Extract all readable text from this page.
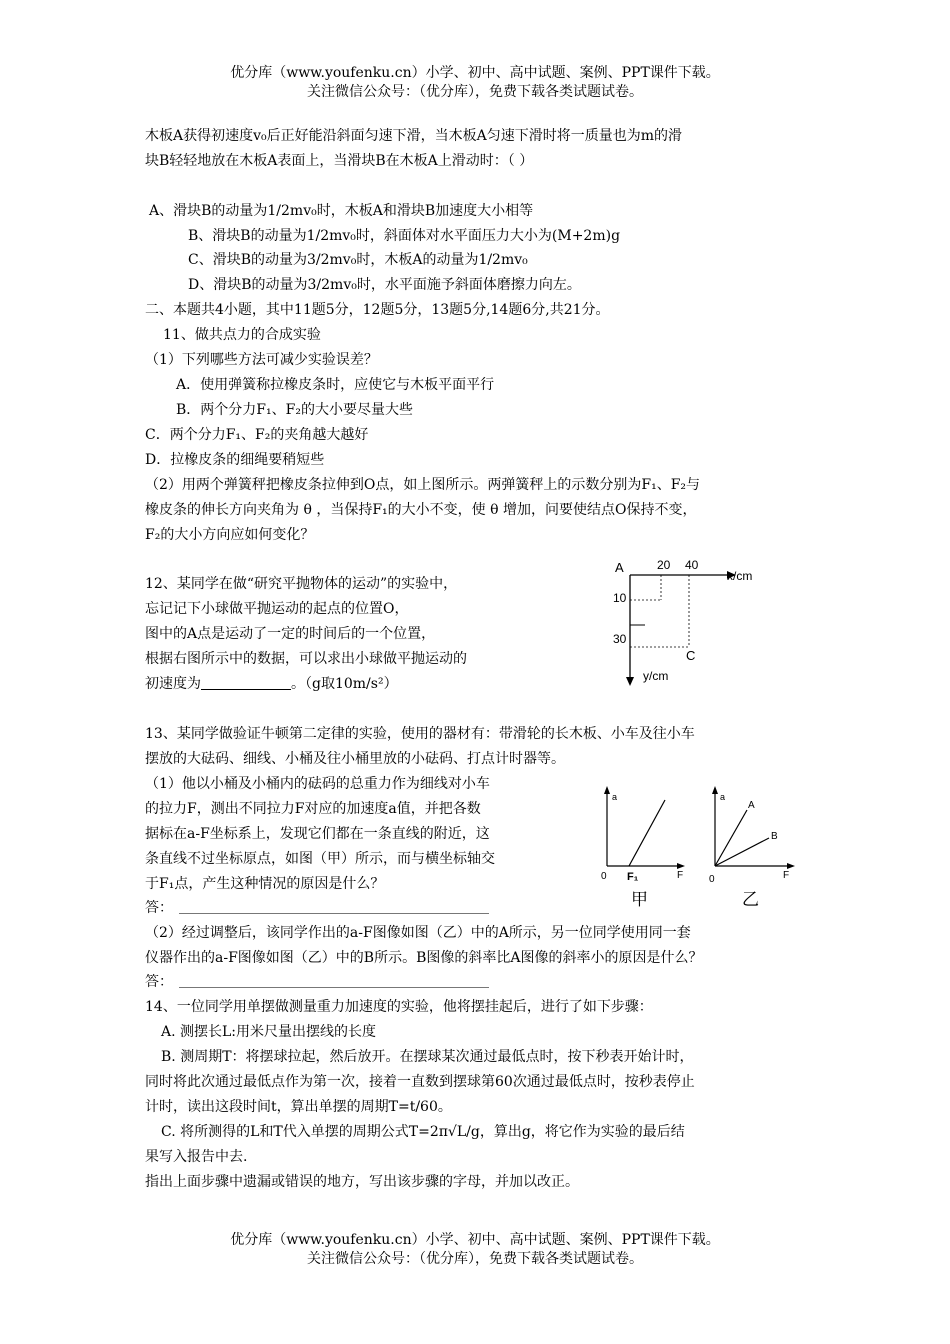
优分库（www.youfenku.cn）小学、初中、高中试题、案例、PPT课件下载。
关注微信公众号：（优分库），免费下载各类试题试卷。
木板A获得初速度v₀后正好能沿斜面匀速下滑，当木板A匀速下滑时将一质量也为m的滑
块B轻轻地放在木板A表面上，当滑块B在木板A上滑动时：（ ）
A、滑块B的动量为1/2mv₀时，木板A和滑块B加速度大小相等
B、滑块B的动量为1/2mv₀时，斜面体对水平面压力大小为(M+2m)g
C、滑块B的动量为3/2mv₀时，木板A的动量为1/2mv₀
D、滑块B的动量为3/2mv₀时，水平面施予斜面体磨擦力向左。
二、本题共4小题，其中11题5分，12题5分，13题5分,14题6分,共21分。
11、做共点力的合成实验
（1）下列哪些方法可减少实验误差？
A．使用弹簧称拉橡皮条时，应使它与木板平面平行
B．两个分力F₁、F₂的大小要尽量大些
C．两个分力F₁、F₂的夹角越大越好
D．拉橡皮条的细绳要稍短些
（2）用两个弹簧秤把橡皮条拉伸到O点，如上图所示。两弹簧秤上的示数分别为F₁、F₂与
橡皮条的伸长方向夹角为 θ ，当保持F₁的大小不变，使 θ 增加，问要使结点O保持不变，
F₂的大小方向应如何变化？
12、某同学在做“研究平抛物体的运动”的实验中，
忘记记下小球做平抛运动的起点的位置O，
图中的A点是运动了一定的时间后的一个位置，
根据右图所示中的数据，可以求出小球做平抛运动的
初速度为	。（g取10m/s²）
A
x/cm
y/cm
20 40
10
30
C
13、某同学做验证牛顿第二定律的实验，使用的器材有：带滑轮的长木板、小车及往小车
摆放的大砝码、细线、小桶及往小桶里放的小砝码、打点计时器等。
（1）他以小桶及小桶内的砝码的总重力作为细线对小车
的拉力F，测出不同拉力F对应的加速度a值，并把各数
据标在a-F坐标系上，发现它们都在一条直线的附近，这
条直线不过坐标原点，如图（甲）所示，而与横坐标轴交
于F₁点，产生这种情况的原因是什么？
答：
a
0 F₁	F
甲
a
A
B
0	F
乙
（2）经过调整后，该同学作出的a-F图像如图（乙）中的A所示，另一位同学使用同一套
仪器作出的a-F图像如图（乙）中的B所示。B图像的斜率比A图像的斜率小的原因是什么？
答：
14、一位同学用单摆做测量重力加速度的实验，他将摆挂起后，进行了如下步骤：
A. 测摆长L:用米尺量出摆线的长度
B. 测周期T：将摆球拉起，然后放开。在摆球某次通过最低点时，按下秒表开始计时，
同时将此次通过最低点作为第一次，接着一直数到摆球第60次通过最低点时，按秒表停止
计时，读出这段时间t，算出单摆的周期T=t/60。
C. 将所测得的L和T代入单摆的周期公式T=2π√L/g，算出g，将它作为实验的最后结
果写入报告中去.
指出上面步骤中遗漏或错误的地方，写出该步骤的字母，并加以改正。
优分库（www.youfenku.cn）小学、初中、高中试题、案例、PPT课件下载。
关注微信公众号：（优分库），免费下载各类试题试卷。
